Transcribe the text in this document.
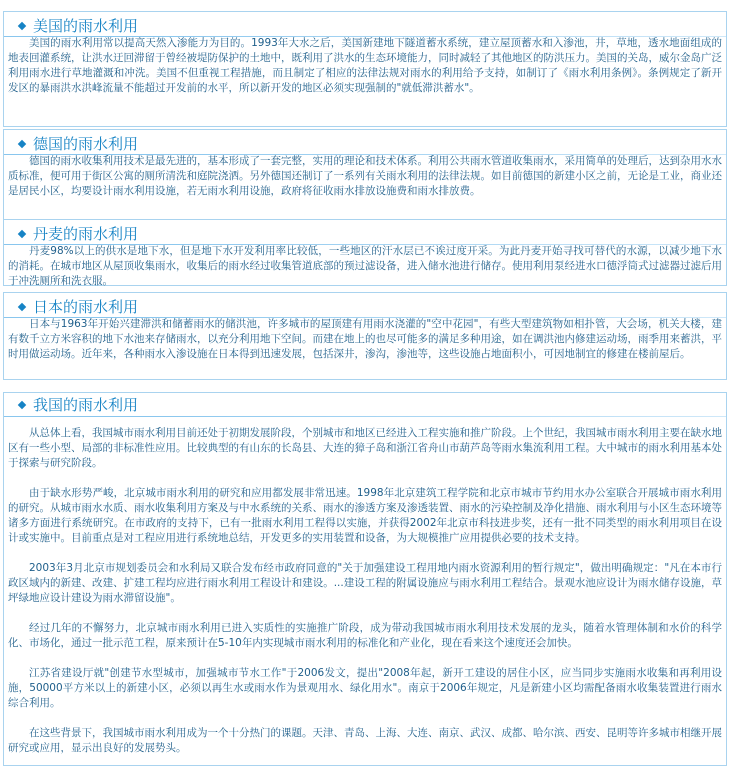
美国的雨水利用

美国的雨水利用常以提高天然入渗能力为目的。1993年大水之后，美国新建地下隧道蓄水系统，建立屋顶蓄水和入渗池，井，草地，透水地面组成的地表回灌系统，让洪水迂回滞留于曾经被堤防保护的土地中，既利用了洪水的生态环境能力，同时减轻了其他地区的防洪压力。美国的关岛，威尔金岛广泛利用雨水进行草地灌溉和冲洗。美国不但重视工程措施，而且制定了相应的法律法规对雨水的利用给予支持，如制订了《雨水利用条例》。条例规定了新开发区的暴雨洪水洪峰流量不能超过开发前的水平，所以新开发的地区必须实现强制的"就低滞洪蓄水"。

德国的雨水利用

德国的雨水收集利用技术是最先进的，基本形成了一套完整，实用的理论和技术体系。利用公共雨水管道收集雨水，采用简单的处理后，达到杂用水水质标准，便可用于街区公寓的厕所清洗和庭院浇洒。另外德国还制订了一系列有关雨水利用的法律法规。如目前德国的新建小区之前，无论是工业，商业还是居民小区，均要设计雨水利用设施，若无雨水利用设施，政府将征收雨水排放设施费和雨水排放费。

丹麦的雨水利用

丹麦98%以上的供水是地下水，但是地下水开发利用率比较低，一些地区的汗水层已不诶过度开采。为此丹麦开始寻找可替代的水源，以减少地下水的消耗。在城市地区从屋顶收集雨水，收集后的雨水经过收集管道底部的预过滤设备，进入储水池进行储存。使用利用泵经进水口德浮筒式过滤器过滤后用于冲洗厕所和洗衣服。

日本的雨水利用

日本与1963年开始兴建滞洪和储蓄雨水的储洪池，许多城市的屋顶建有用雨水浇灌的"空中花园"，有些大型建筑物如相扑管，大会场，机关大楼，建有数千立方米容积的地下水池来存储雨水，以充分利用地下空间。而建在地上的也尽可能多的满足多种用途，如在调洪池内修建运动场，雨季用来蓄洪，平时用做运动场。近年来，各种雨水入渗设施在日本得到迅速发展，包括深井，渗沟，渗池等，这些设施占地面积小，可因地制宜的修建在楼前屋后。

我国的雨水利用

从总体上看，我国城市雨水利用目前还处于初期发展阶段，个别城市和地区已经进入工程实施和推广阶段。上个世纪，我国城市雨水利用主要在缺水地区有一些小型、局部的非标准性应用。比较典型的有山东的长岛县、大连的獐子岛和浙江省舟山市葫芦岛等雨水集流利用工程。大中城市的雨水利用基本处于探索与研究阶段。

由于缺水形势严峻，北京城市雨水利用的研究和应用都发展非常迅速。1998年北京建筑工程学院和北京市城市节约用水办公室联合开展城市雨水利用的研究。从城市雨水水质、雨水收集利用方案及与中水系统的关系、雨水的渗透方案及渗透装置、雨水的污染控制及净化措施、雨水利用与小区生态环境等诸多方面进行系统研究。在市政府的支持下，已有一批雨水利用工程得以实施，并获得2002年北京市科技进步奖，还有一批不同类型的雨水利用项目在设计或实施中。目前重点是对工程应用进行系统地总结，开发更多的实用装置和设备，为大规模推广应用提供必要的技术支持。

2003年3月北京市规划委员会和水利局又联合发布经市政府同意的"关于加强建设工程用地内雨水资源利用的暂行规定"，做出明确规定："凡在本市行政区域内的新建、改建、扩建工程均应进行雨水利用工程设计和建设。...建设工程的附属设施应与雨水利用工程结合。景观水池应设计为雨水储存设施，草坪绿地应设计建设为雨水滞留设施"。

经过几年的不懈努力，北京城市雨水利用已进入实质性的实施推广阶段，成为带动我国城市雨水利用技术发展的龙头，随着水管理体制和水价的科学化、市场化，通过一批示范工程，原来预计在5-10年内实现城市雨水利用的标准化和产业化，现在看来这个速度还会加快。

江苏省建设厅就"创建节水型城市，加强城市节水工作"于2006发文，提出"2008年起，新开工建设的居住小区，应当同步实施雨水收集和再利用设施，50000平方米以上的新建小区，必须以再生水或雨水作为景观用水、绿化用水"。南京于2006年规定，凡是新建小区均需配备雨水收集装置进行雨水综合利用。

在这些背景下，我国城市雨水利用成为一个十分热门的课题。天津、青岛、上海、大连、南京、武汉、成都、哈尔滨、西安、昆明等许多城市相继开展研究或应用，显示出良好的发展势头。
